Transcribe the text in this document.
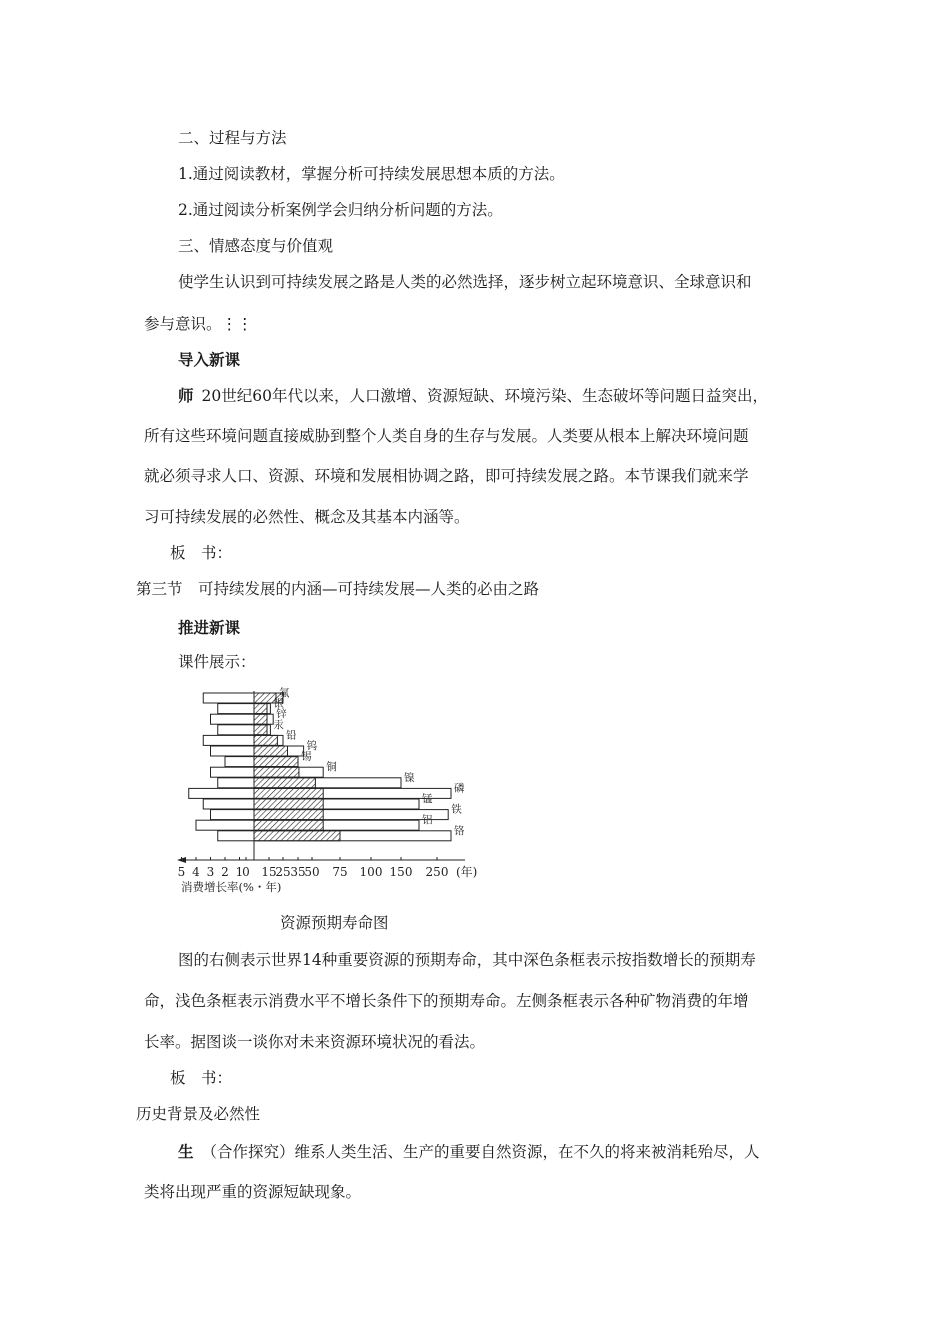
二、过程与方法
1.通过阅读教材，掌握分析可持续发展思想本质的方法。
2.通过阅读分析案例学会归纳分析问题的方法。
三、情感态度与价值观
使学生认识到可持续发展之路是人类的必然选择，逐步树立起环境意识、全球意识和
参与意识。⋮⋮
导入新课
师 20世纪60年代以来，人口激增、资源短缺、环境污染、生态破坏等问题日益突出，
所有这些环境问题直接威胁到整个人类自身的生存与发展。人类要从根本上解决环境问题
就必须寻求人口、资源、环境和发展相协调之路，即可持续发展之路。本节课我们就来学
习可持续发展的必然性、概念及其基本内涵等。
板　书：
第三节　可持续发展的内涵—可持续发展—人类的必由之路
推进新课
课件展示：
氟
银
锌
汞
铅
钨
锡
铜
镍
磷
锰
铁
铝
铬
5 4 3 2 1
0 15
25 35
50 75 100 150 250 (年)
消费增长率(%・年)
资源预期寿命图
图的右侧表示世界14种重要资源的预期寿命，其中深色条框表示按指数增长的预期寿
命，浅色条框表示消费水平不增长条件下的预期寿命。左侧条框表示各种矿物消费的年增
长率。据图谈一谈你对未来资源环境状况的看法。
板　书：
历史背景及必然性
生 （合作探究）维系人类生活、生产的重要自然资源，在不久的将来被消耗殆尽，人
类将出现严重的资源短缺现象。
